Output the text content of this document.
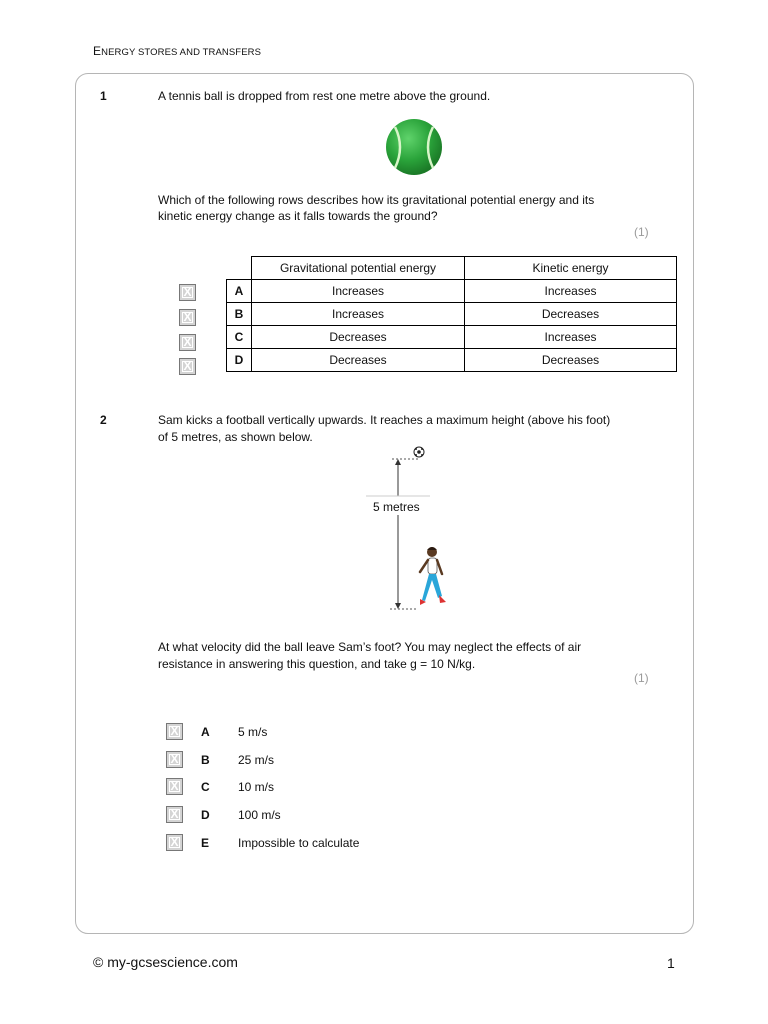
ENERGY STORES AND TRANSFERS
1	A tennis ball is dropped from rest one metre above the ground.
Which of the following rows describes how its gravitational potential energy and its
kinetic energy change as it falls towards the ground?
(1)
	Gravitational potential energy	Kinetic energy
A	Increases	Increases
B	Increases	Decreases
C	Decreases	Increases
D	Decreases	Decreases
X
X
X
X
2	Sam kicks a football vertically upwards. It reaches a maximum height (above his foot)
of 5 metres, as shown below.
5 metres
At what velocity did the ball leave Sam’s foot? You may neglect the effects of air
resistance in answering this question, and take g = 10 N/kg.
(1)
X A 5 m/s
X B 25 m/s
X C 10 m/s
X D 100 m/s
X E Impossible to calculate
© my-gcsescience.com	1
